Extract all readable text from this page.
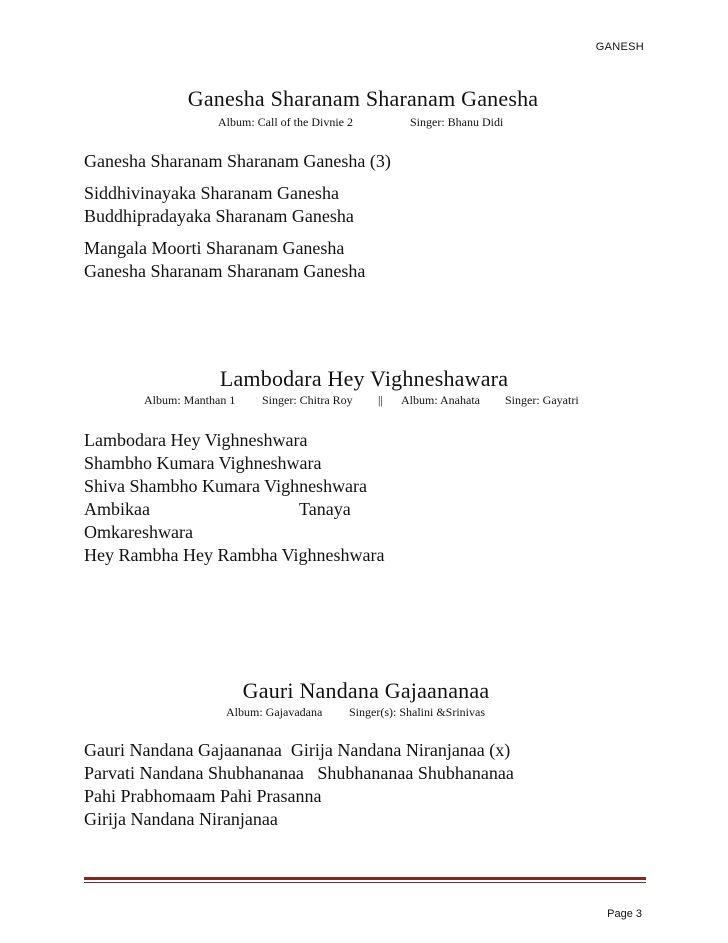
GANESH
Ganesha Sharanam Sharanam Ganesha
Album: Call of the Divnie 2	Singer: Bhanu Didi
Ganesha Sharanam Sharanam Ganesha (3)
Siddhivinayaka Sharanam Ganesha
Buddhipradayaka Sharanam Ganesha
Mangala Moorti Sharanam Ganesha
Ganesha Sharanam Sharanam Ganesha
Lambodara Hey Vighneshawara
Album: Manthan 1 Singer: Chitra Roy || Album: Anahata Singer: Gayatri
Lambodara Hey Vighneshwara
Shambho Kumara Vighneshwara
Shiva Shambho Kumara Vighneshwara
Ambikaa	Tanaya
Omkareshwara
Hey Rambha Hey Rambha Vighneshwara
Gauri Nandana Gajaananaa
Album: Gajavadana Singer(s): Shalini &Srinivas
Gauri Nandana Gajaananaa  Girija Nandana Niranjanaa (x)
Parvati Nandana Shubhananaa   Shubhananaa Shubhananaa
Pahi Prabhomaam Pahi Prasanna
Girija Nandana Niranjanaa
Page 3
